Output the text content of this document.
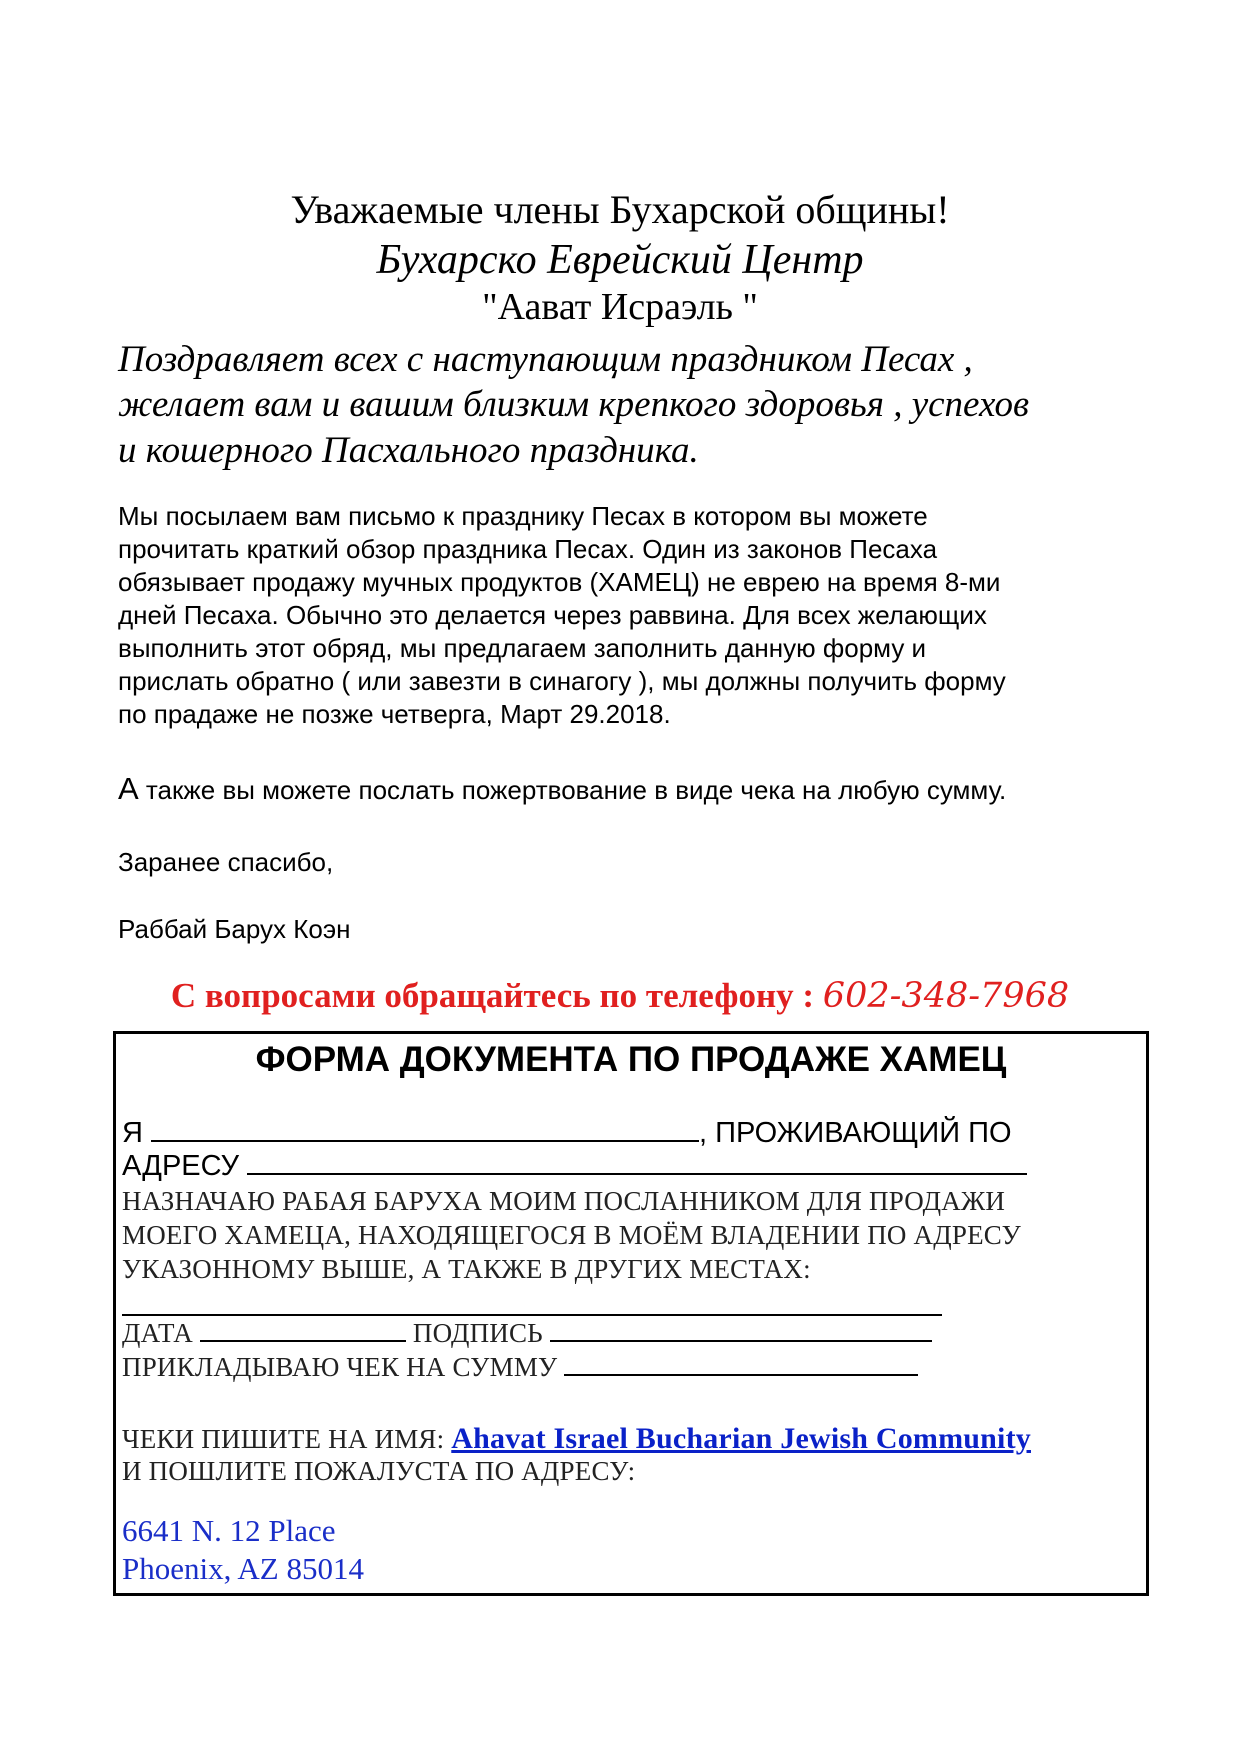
Уважаемые члены Бухарской общины!
Бухарско Еврейский Центр
"Аават Исраэль "
Поздравляет всех с наступающим праздником Песах ,
желает вам и вашим близким крепкого здоровья , успехов
и кошерного Пасхального праздника.
Мы посылаем вам письмо к празднику Песах в котором вы можете
прочитать краткий обзор праздника Песах. Один из законов Песаха
обязывает продажу мучных продуктов (ХАМЕЦ) не еврею на время 8-ми
дней Песаха. Обычно это делается через раввина. Для всех желающих
выполнить этот обряд, мы предлагаем заполнить данную форму и
прислать обратно ( или завезти в синагогу ), мы должны получить форму
по прадаже не позже четверга, Март 29.2018.
А также вы можете послать пожертвование в виде чека на любую сумму.
Заранее спасибо,
Раббай Барух Коэн
С вопросами обращайтесь по телефону : 602-348-7968
ФОРМА ДОКУМЕНТА ПО ПРОДАЖЕ ХАМЕЦ
Я	, ПРОЖИВАЮЩИЙ ПО
АДРЕСУ
НАЗНАЧАЮ РАБАЯ БАРУХА МОИМ ПОСЛАННИКОМ ДЛЯ ПРОДАЖИ
МОЕГО ХАМЕЦА, НАХОДЯЩЕГОСЯ В МОЁМ ВЛАДЕНИИ ПО АДРЕСУ
УКАЗОННОМУ ВЫШЕ, А ТАКЖЕ В ДРУГИХ МЕСТАХ:
ДАТА	ПОДПИСЬ
ПРИКЛАДЫВАЮ ЧЕК НА СУММУ
ЧЕКИ ПИШИТЕ НА ИМЯ: Ahavat Israel Bucharian Jewish Community
И ПОШЛИТЕ ПОЖАЛУСТА ПО АДРЕСУ:
6641 N. 12 Place
Phoenix, AZ 85014
